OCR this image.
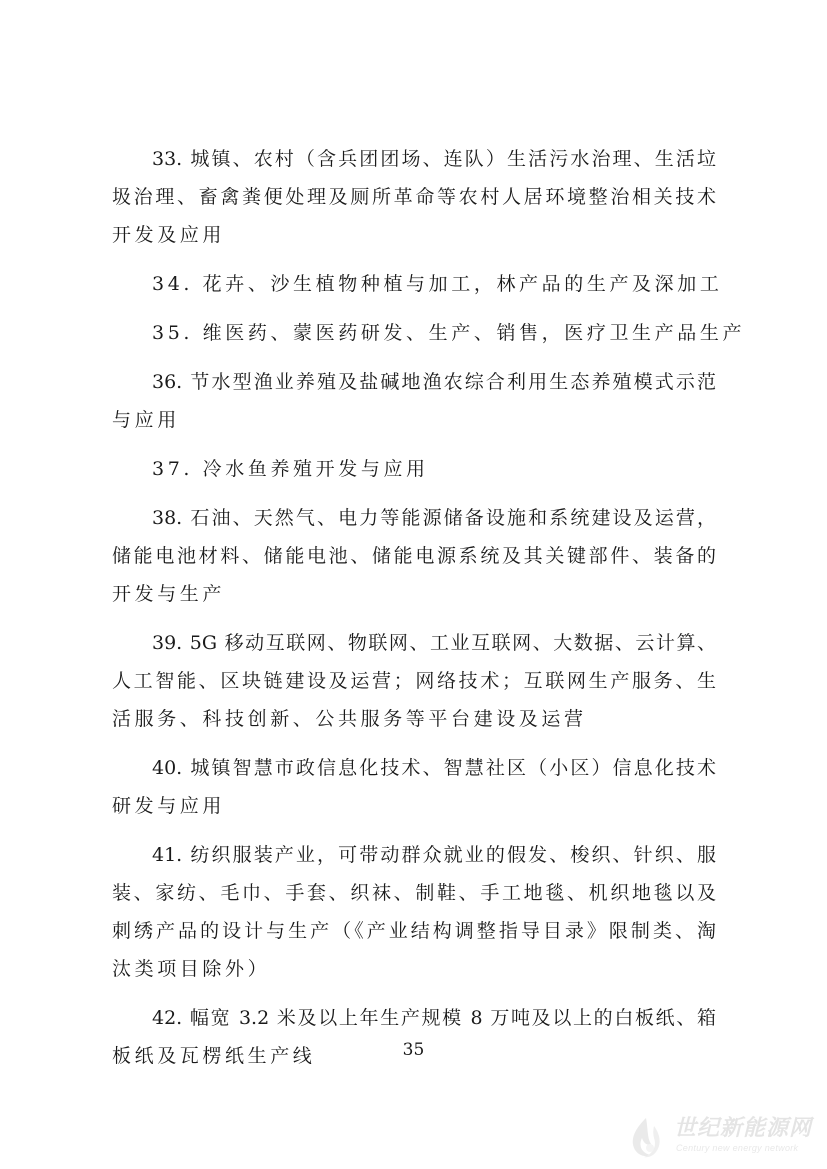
33. 城镇、农村（含兵团团场、连队）生活污水治理、生活垃
圾治理、畜禽粪便处理及厕所革命等农村人居环境整治相关技术
开发及应用
34. 花卉、沙生植物种植与加工，林产品的生产及深加工
35. 维医药、蒙医药研发、生产、销售，医疗卫生产品生产
36. 节水型渔业养殖及盐碱地渔农综合利用生态养殖模式示范
与应用
37. 冷水鱼养殖开发与应用
38. 石油、天然气、电力等能源储备设施和系统建设及运营，
储能电池材料、储能电池、储能电源系统及其关键部件、装备的
开发与生产
39. 5G 移动互联网、物联网、工业互联网、大数据、云计算、
人工智能、区块链建设及运营；网络技术；互联网生产服务、生
活服务、科技创新、公共服务等平台建设及运营
40. 城镇智慧市政信息化技术、智慧社区（小区）信息化技术
研发与应用
41. 纺织服装产业，可带动群众就业的假发、梭织、针织、服
装、家纺、毛巾、手套、织袜、制鞋、手工地毯、机织地毯以及
刺绣产品的设计与生产（《产业结构调整指导目录》限制类、淘
汰类项目除外）
42. 幅宽 3.2 米及以上年生产规模 8 万吨及以上的白板纸、箱
板纸及瓦楞纸生产线	35
世纪新能源网
Century new energy network
